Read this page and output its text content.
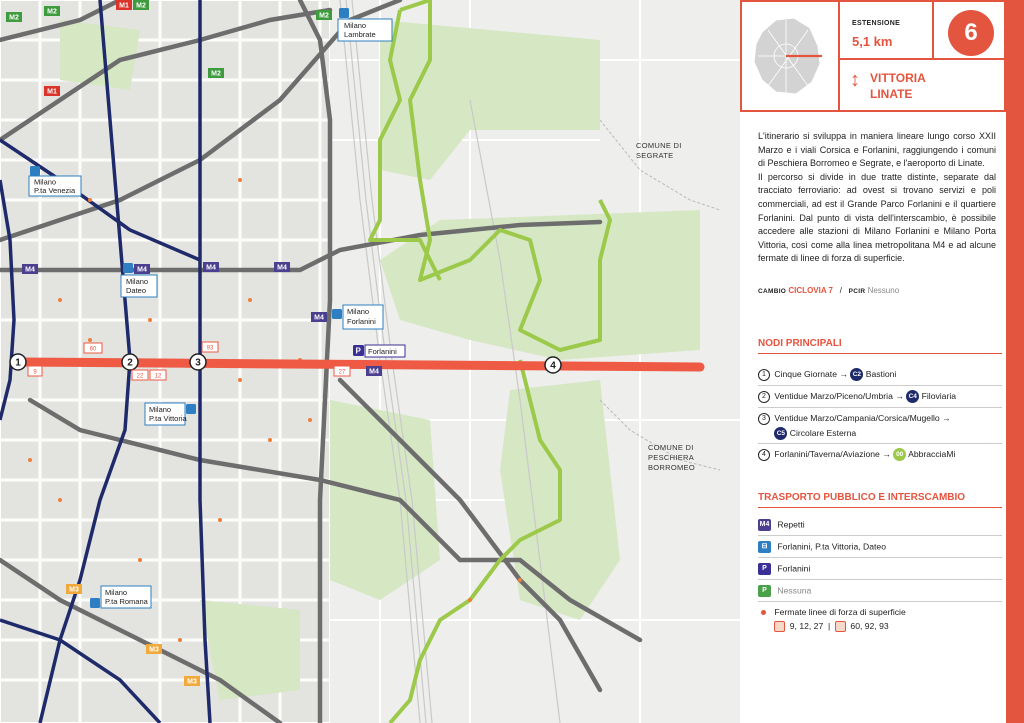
1	2	3	4
M4	M4	M4	M4
M4
M4
M2
M2
M2
M2
M2
M1
M1
M3
M3
M3
60
9
22 12
93
27
Milano
Lambrate
Milano
P.ta Venezia
Milano
Dateo
Milano
Forlanini
Milano
P.ta Vittoria
Milano
P.ta Romana
P Forlanini
COMUNE DI
SEGRATE
COMUNE DI
PESCHIERA
BORROMEO
ESTENSIONE
5,1 km	6
↕ VITTORIA
LINATE

L'itinerario si sviluppa in maniera lineare lungo corso XXII Marzo e i viali Corsica e Forlanini, raggiungendo i comuni di Peschiera Borromeo e Segrate, e l'aeroporto di Linate.

Il percorso si divide in due tratte distinte, separate dal tracciato ferroviario: ad ovest si trovano servizi e poli commerciali, ad est il Grande Parco Forlanini e il quartiere Forlanini. Dal punto di vista dell'interscambio, è possibile accedere alle stazioni di Milano Forlanini e Milano Porta Vittoria, così come alla linea metropolitana M4 e ad alcune fermate di linee di forza di superficie.

CAMBIO CICLOVIA 7 / PCIR Nessuno
NODI PRINCIPALI
1 Cinque Giornate → C2 Bastioni
2 Ventidue Marzo/Piceno/Umbria → C4 Filoviaria
3 Ventidue Marzo/Campania/Corsica/Mugello →
C5 Circolare Esterna
4 Forlanini/Taverna/Aviazione → 00 AbbracciaMi
TRASPORTO PUBBLICO E INTERSCAMBIO
M4 Repetti
⊟ Forlanini, P.ta Vittoria, Dateo
P Forlanini
P Nessuna
Fermate linee di forza di superficie
9, 12, 27 | 60, 92, 93
